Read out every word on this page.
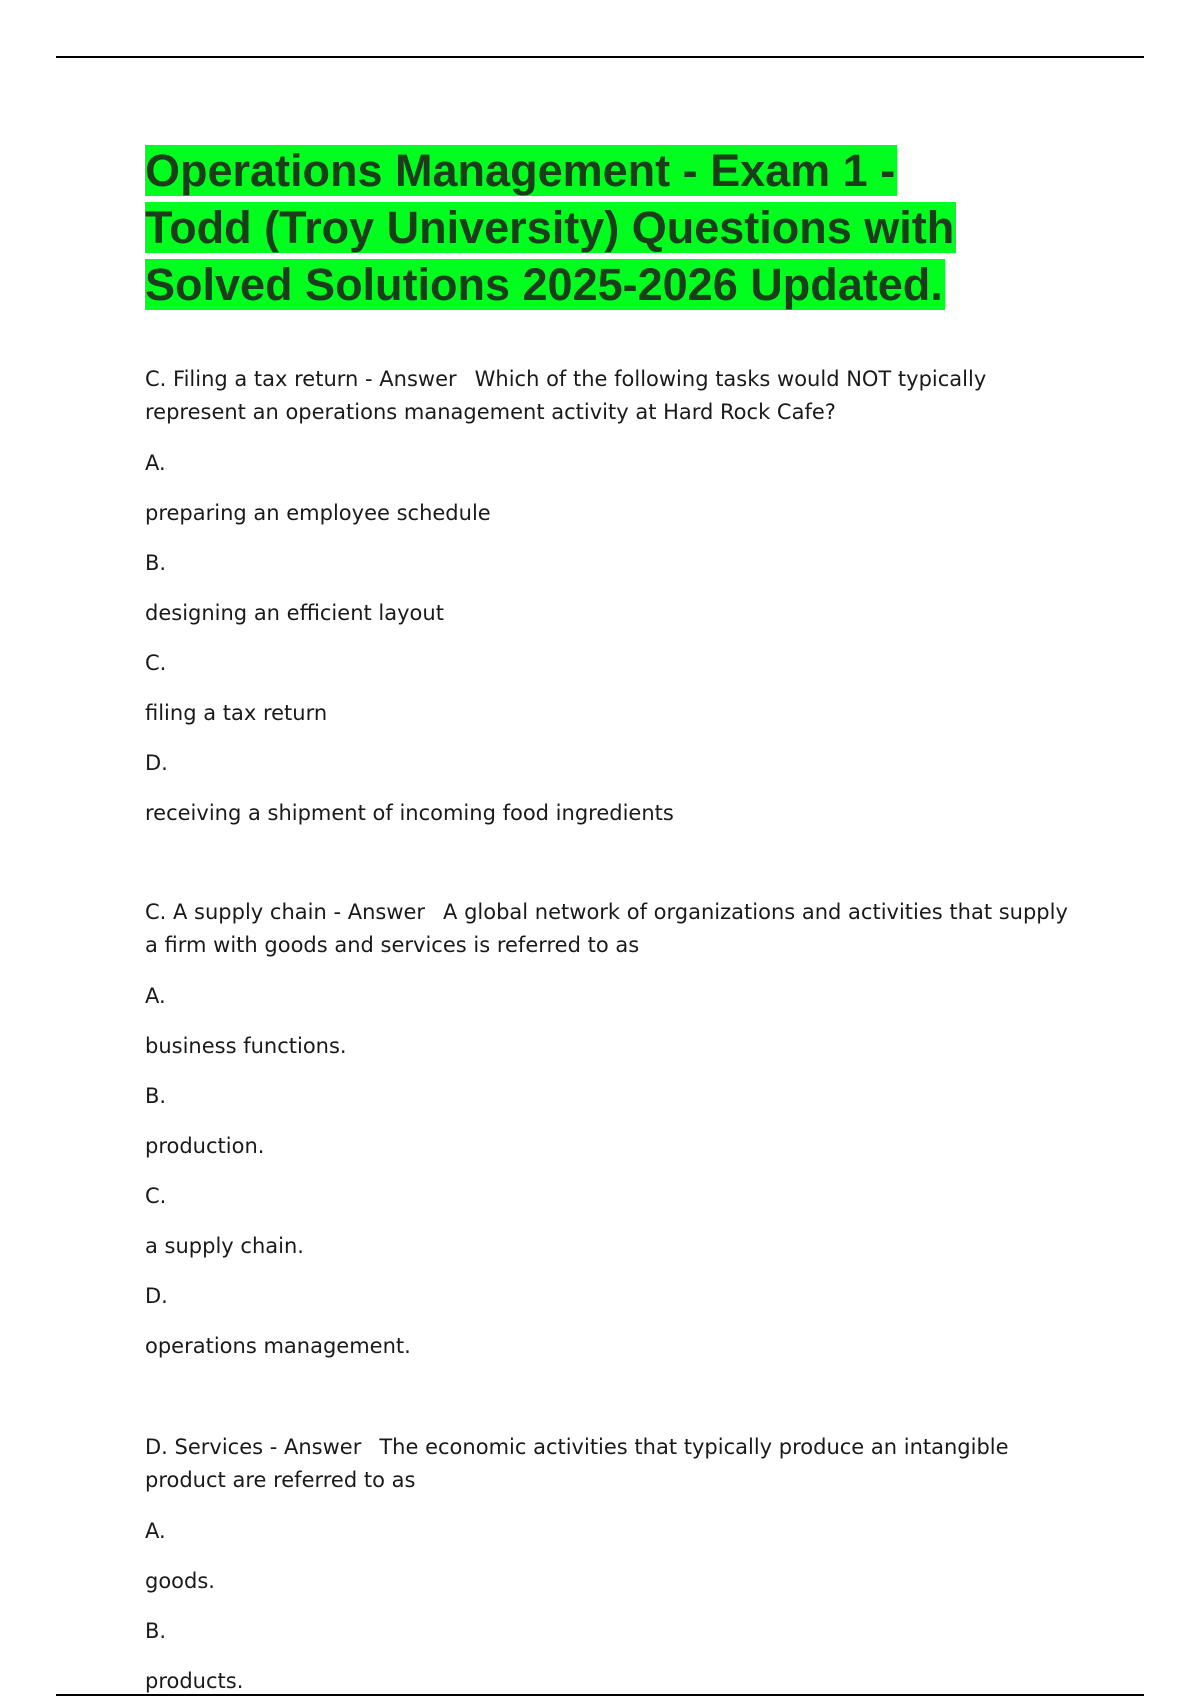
Operations Management - Exam 1 -
Todd (Troy University) Questions with
Solved Solutions 2025-2026 Updated.

C. Filing a tax return - Answer Which of the following tasks would NOT typically represent an operations management activity at Hard Rock Cafe?

A.

preparing an employee schedule

B.

designing an efficient layout

C.

filing a tax return

D.

receiving a shipment of incoming food ingredients

C. A supply chain - Answer A global network of organizations and activities that supply a firm with goods and services is referred to as

A.

business functions.

B.

production.

C.

a supply chain.

D.

operations management.

D. Services - Answer The economic activities that typically produce an intangible product are referred to as

A.

goods.

B.

products.
